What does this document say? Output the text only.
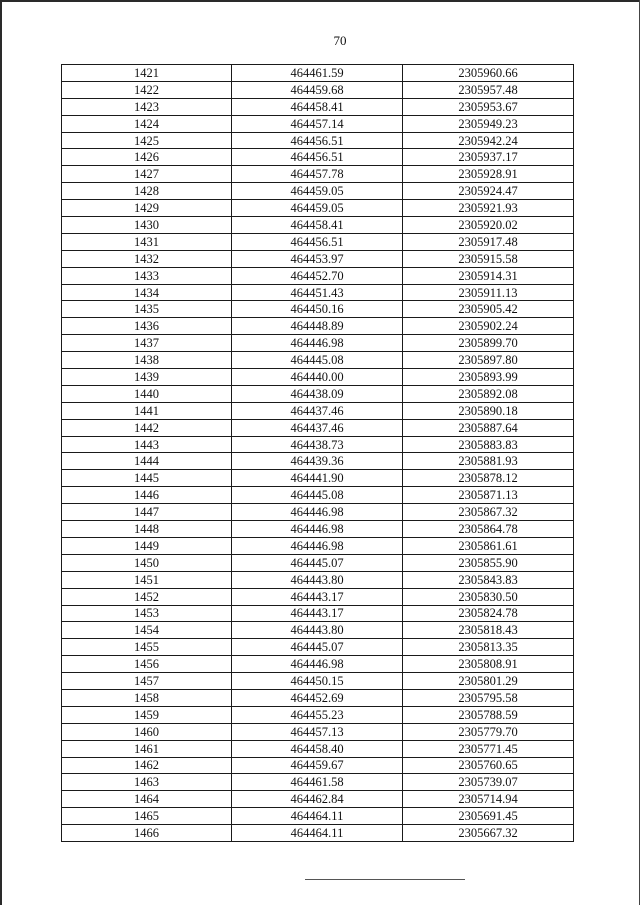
70
1421	464461.59	2305960.66
1422	464459.68	2305957.48
1423	464458.41	2305953.67
1424	464457.14	2305949.23
1425	464456.51	2305942.24
1426	464456.51	2305937.17
1427	464457.78	2305928.91
1428	464459.05	2305924.47
1429	464459.05	2305921.93
1430	464458.41	2305920.02
1431	464456.51	2305917.48
1432	464453.97	2305915.58
1433	464452.70	2305914.31
1434	464451.43	2305911.13
1435	464450.16	2305905.42
1436	464448.89	2305902.24
1437	464446.98	2305899.70
1438	464445.08	2305897.80
1439	464440.00	2305893.99
1440	464438.09	2305892.08
1441	464437.46	2305890.18
1442	464437.46	2305887.64
1443	464438.73	2305883.83
1444	464439.36	2305881.93
1445	464441.90	2305878.12
1446	464445.08	2305871.13
1447	464446.98	2305867.32
1448	464446.98	2305864.78
1449	464446.98	2305861.61
1450	464445.07	2305855.90
1451	464443.80	2305843.83
1452	464443.17	2305830.50
1453	464443.17	2305824.78
1454	464443.80	2305818.43
1455	464445.07	2305813.35
1456	464446.98	2305808.91
1457	464450.15	2305801.29
1458	464452.69	2305795.58
1459	464455.23	2305788.59
1460	464457.13	2305779.70
1461	464458.40	2305771.45
1462	464459.67	2305760.65
1463	464461.58	2305739.07
1464	464462.84	2305714.94
1465	464464.11	2305691.45
1466	464464.11	2305667.32
